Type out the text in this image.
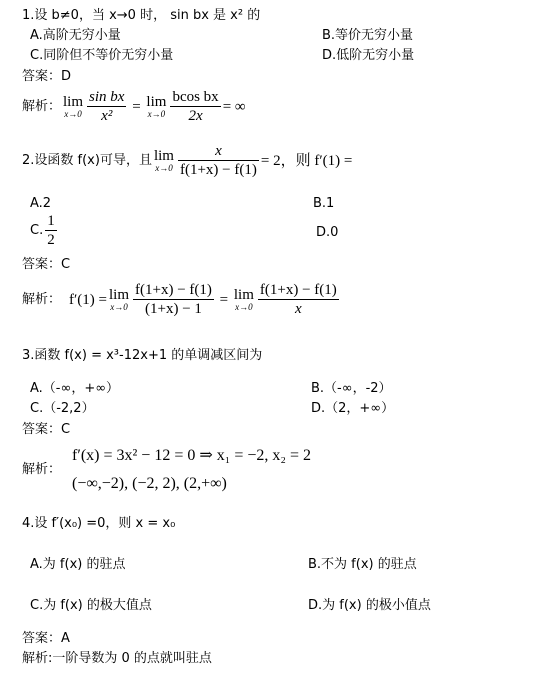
1.设 b≠0，当 x→0 时， sin bx 是 x² 的
A.高阶无穷小量	B.等价无穷小量
C.同阶但不等价无穷小量	D.低阶无穷小量
答案：D
解析： lim
$x\to 0 \frac{\text{sin bx}}{\text{x²}} = \lim$
$x\to 0 \frac{\text{bcos bx}}{2x}$ = ∞
2.设函数 f(x)可导，且 lim
$x\to 0 \frac{x}{f(1+x) - f(1)} = 2$，则 f′(1) =
A.2	B.1
C. $\frac{1}{2}$	D.0
答案：C
解析： f′(1) = lim
$x\to 0 \frac{f(1+x) - f(1)}{(1+x) - 1} = \lim$
$x\to 0 \frac{f(1+x) - f(1)}{x}$
3.函数 f(x) = x³-12x+1 的单调减区间为
A.（-∞，+∞）	B.（-∞，-2）
C.（-2,2）	D.（2，+∞）
答案：C
解析：
f′(x) = 3x² − 12 = 0 ⇒ x₁ = −2, x₂ = 2
(−∞,−2), (−2, 2), (2,+∞)
4.设 f′(x₀) =0，则 x = x₀
A.为 f(x) 的驻点	B.不为 f(x) 的驻点
C.为 f(x) 的极大值点	D.为 f(x) 的极小值点
答案：A
解析:一阶导数为 0 的点就叫驻点
